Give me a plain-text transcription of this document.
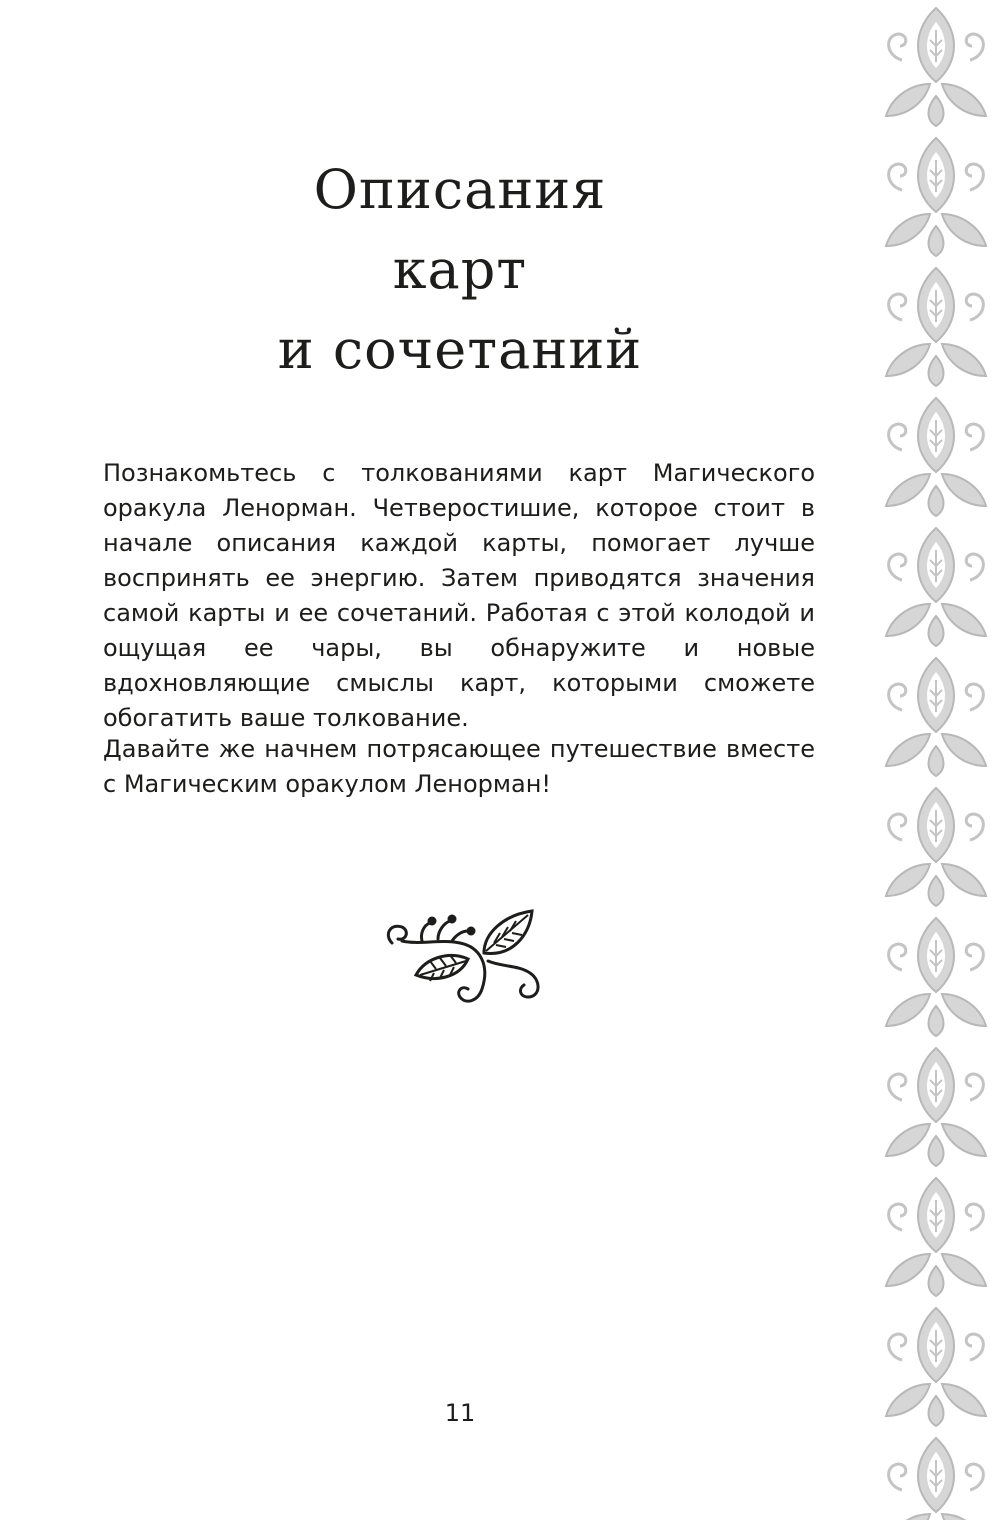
Описания
карт
и сочетаний

Познакомьтесь с толкованиями карт Магического оракула Ленорман. Четверостишие, которое стоит в начале описания каждой карты, помогает лучше воспринять ее энергию. Затем приводятся значения самой карты и ее сочетаний. Работая с этой колодой и ощущая ее чары, вы обнаружите и новые вдохновляющие смыслы карт, которыми сможете обогатить ваше толкование.

Давайте же начнем потрясающее путешествие вместе с Магическим оракулом Ленорман!

11
